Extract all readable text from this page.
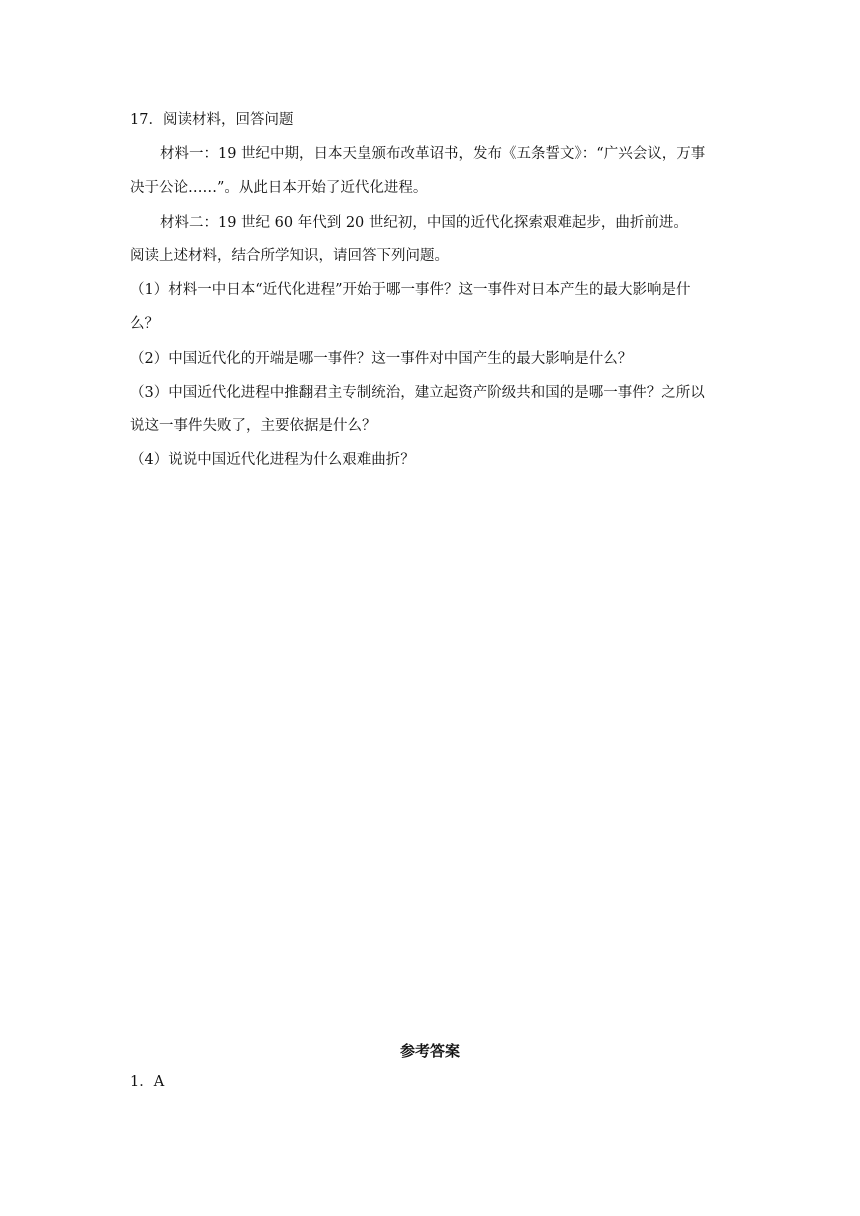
17．阅读材料，回答问题
材料一：19 世纪中期，日本天皇颁布改革诏书，发布《五条誓文》：“广兴会议，万事
决于公论……”。从此日本开始了近代化进程。
材料二：19 世纪 60 年代到 20 世纪初，中国的近代化探索艰难起步，曲折前进。
阅读上述材料，结合所学知识，请回答下列问题。
（1）材料一中日本“近代化进程”开始于哪一事件？这一事件对日本产生的最大影响是什
么？
（2）中国近代化的开端是哪一事件？这一事件对中国产生的最大影响是什么？
（3）中国近代化进程中推翻君主专制统治，建立起资产阶级共和国的是哪一事件？之所以
说这一事件失败了，主要依据是什么？
（4）说说中国近代化进程为什么艰难曲折？
参考答案
1．A
